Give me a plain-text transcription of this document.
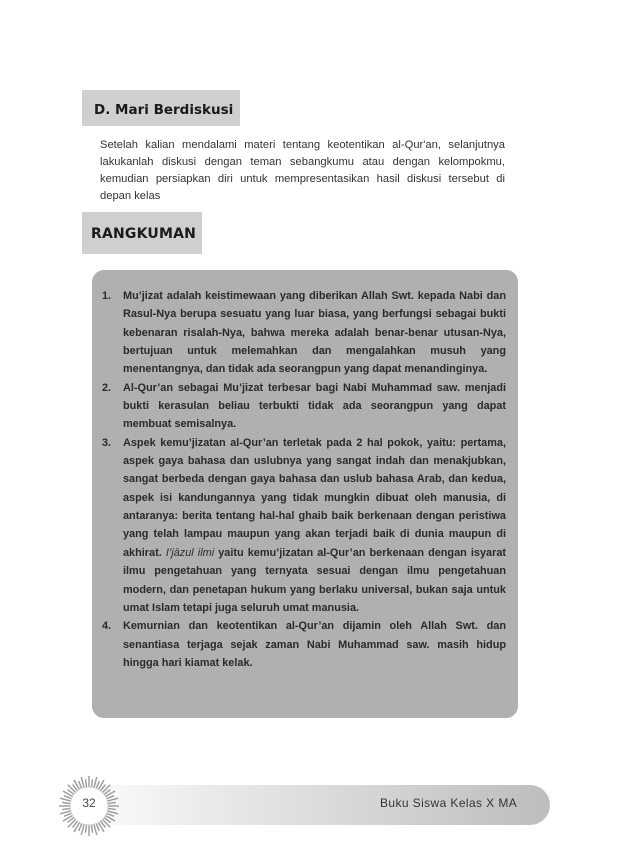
D. Mari Berdiskusi

Setelah kalian mendalami materi tentang keotentikan al-Qur'an, selanjutnya lakukanlah diskusi dengan teman sebangkumu atau dengan kelompokmu, kemudian persiapkan diri untuk mempresentasikan hasil diskusi tersebut di depan kelas

RANGKUMAN
1.	Mu’jizat adalah keistimewaan yang diberikan Allah Swt. kepada Nabi dan Rasul-Nya berupa sesuatu yang luar biasa, yang berfungsi sebagai bukti kebenaran risalah-Nya, bahwa mereka adalah benar-benar utusan-Nya, bertujuan untuk melemahkan dan mengalahkan musuh yang menentangnya, dan tidak ada seorangpun yang dapat menandinginya.
2.	Al-Qur’an sebagai Mu’jizat terbesar bagi Nabi Muhammad saw. menjadi bukti kerasulan beliau terbukti tidak ada seorangpun yang dapat membuat semisalnya.
3.	Aspek kemu’jizatan al-Qur’an terletak pada 2 hal pokok, yaitu: pertama, aspek gaya bahasa dan uslubnya yang sangat indah dan menakjubkan, sangat berbeda dengan gaya bahasa dan uslub bahasa Arab, dan kedua, aspek isi kandungannya yang tidak mungkin dibuat oleh manusia, di antaranya: berita tentang hal-hal ghaib baik berkenaan dengan peristiwa yang telah lampau maupun yang akan terjadi baik di dunia maupun di akhirat. I’jāzul ilmi yaitu kemu’jizatan al-Qur’an berkenaan dengan isyarat ilmu pengetahuan yang ternyata sesuai dengan ilmu pengetahuan modern, dan penetapan hukum yang berlaku universal, bukan saja untuk umat Islam tetapi juga seluruh umat manusia.
4.	Kemurnian dan keotentikan al-Qur’an dijamin oleh Allah Swt. dan senantiasa terjaga sejak zaman Nabi Muhammad saw. masih hidup hingga hari kiamat kelak.
Buku Siswa Kelas X MA
32
